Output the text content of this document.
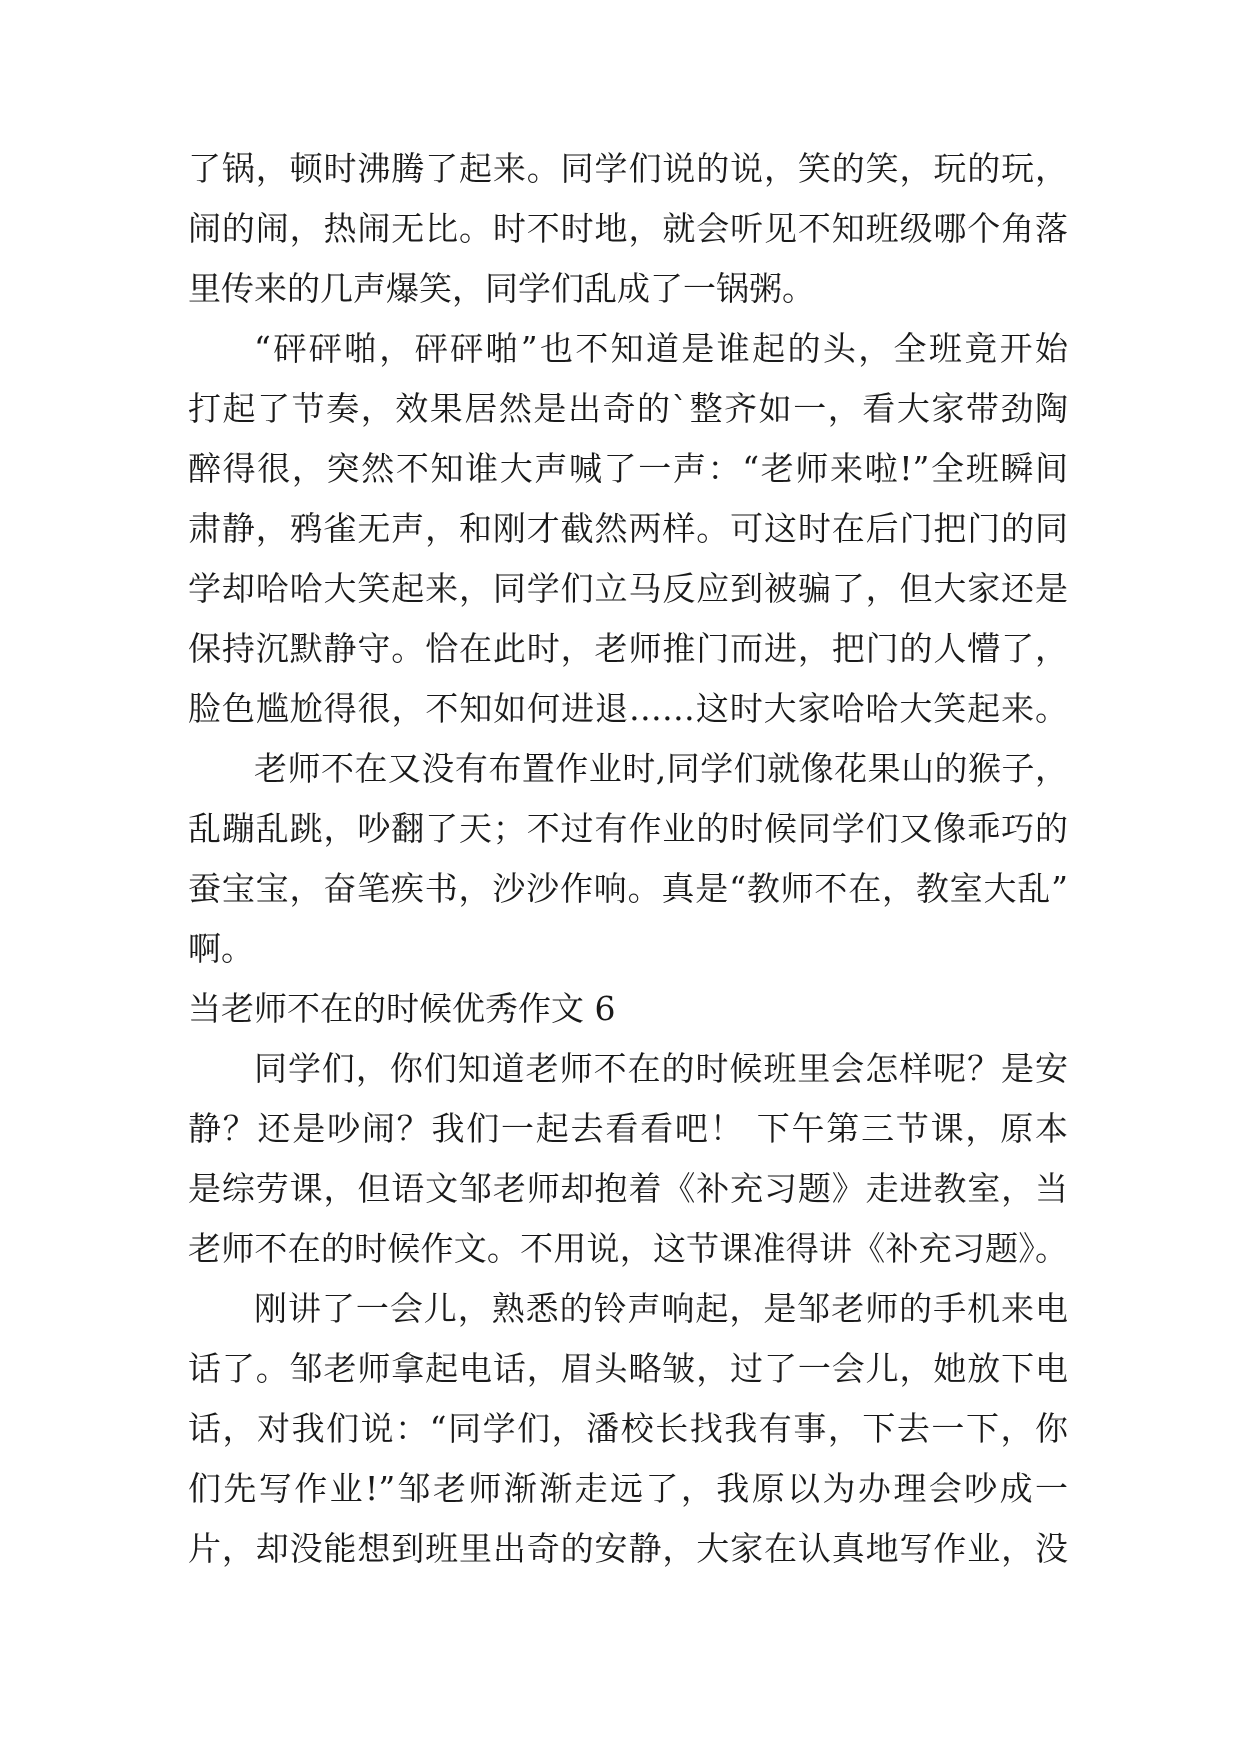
了锅，顿时沸腾了起来。同学们说的说，笑的笑，玩的玩，
闹的闹，热闹无比。时不时地，就会听见不知班级哪个角落
里传来的几声爆笑，同学们乱成了一锅粥。
“砰砰啪，砰砰啪”也不知道是谁起的头，全班竟开始
打起了节奏，效果居然是出奇的`整齐如一，看大家带劲陶
醉得很，突然不知谁大声喊了一声：“老师来啦!”全班瞬间
肃静，鸦雀无声，和刚才截然两样。可这时在后门把门的同
学却哈哈大笑起来，同学们立马反应到被骗了，但大家还是
保持沉默静守。恰在此时，老师推门而进，把门的人懵了，
脸色尴尬得很，不知如何进退……这时大家哈哈大笑起来。
老师不在又没有布置作业时,同学们就像花果山的猴子，
乱蹦乱跳，吵翻了天；不过有作业的时候同学们又像乖巧的
蚕宝宝，奋笔疾书，沙沙作响。真是“教师不在，教室大乱”
啊。
当老师不在的时候优秀作文 6
同学们，你们知道老师不在的时候班里会怎样呢？是安
静？还是吵闹？我们一起去看看吧！ 下午第三节课，原本
是综劳课，但语文邹老师却抱着《补充习题》走进教室，当
老师不在的时候作文。不用说，这节课准得讲《补充习题》。
刚讲了一会儿，熟悉的铃声响起，是邹老师的手机来电
话了。邹老师拿起电话，眉头略皱，过了一会儿，她放下电
话，对我们说：“同学们，潘校长找我有事，下去一下，你
们先写作业!”邹老师渐渐走远了，我原以为办理会吵成一
片，却没能想到班里出奇的安静，大家在认真地写作业，没
